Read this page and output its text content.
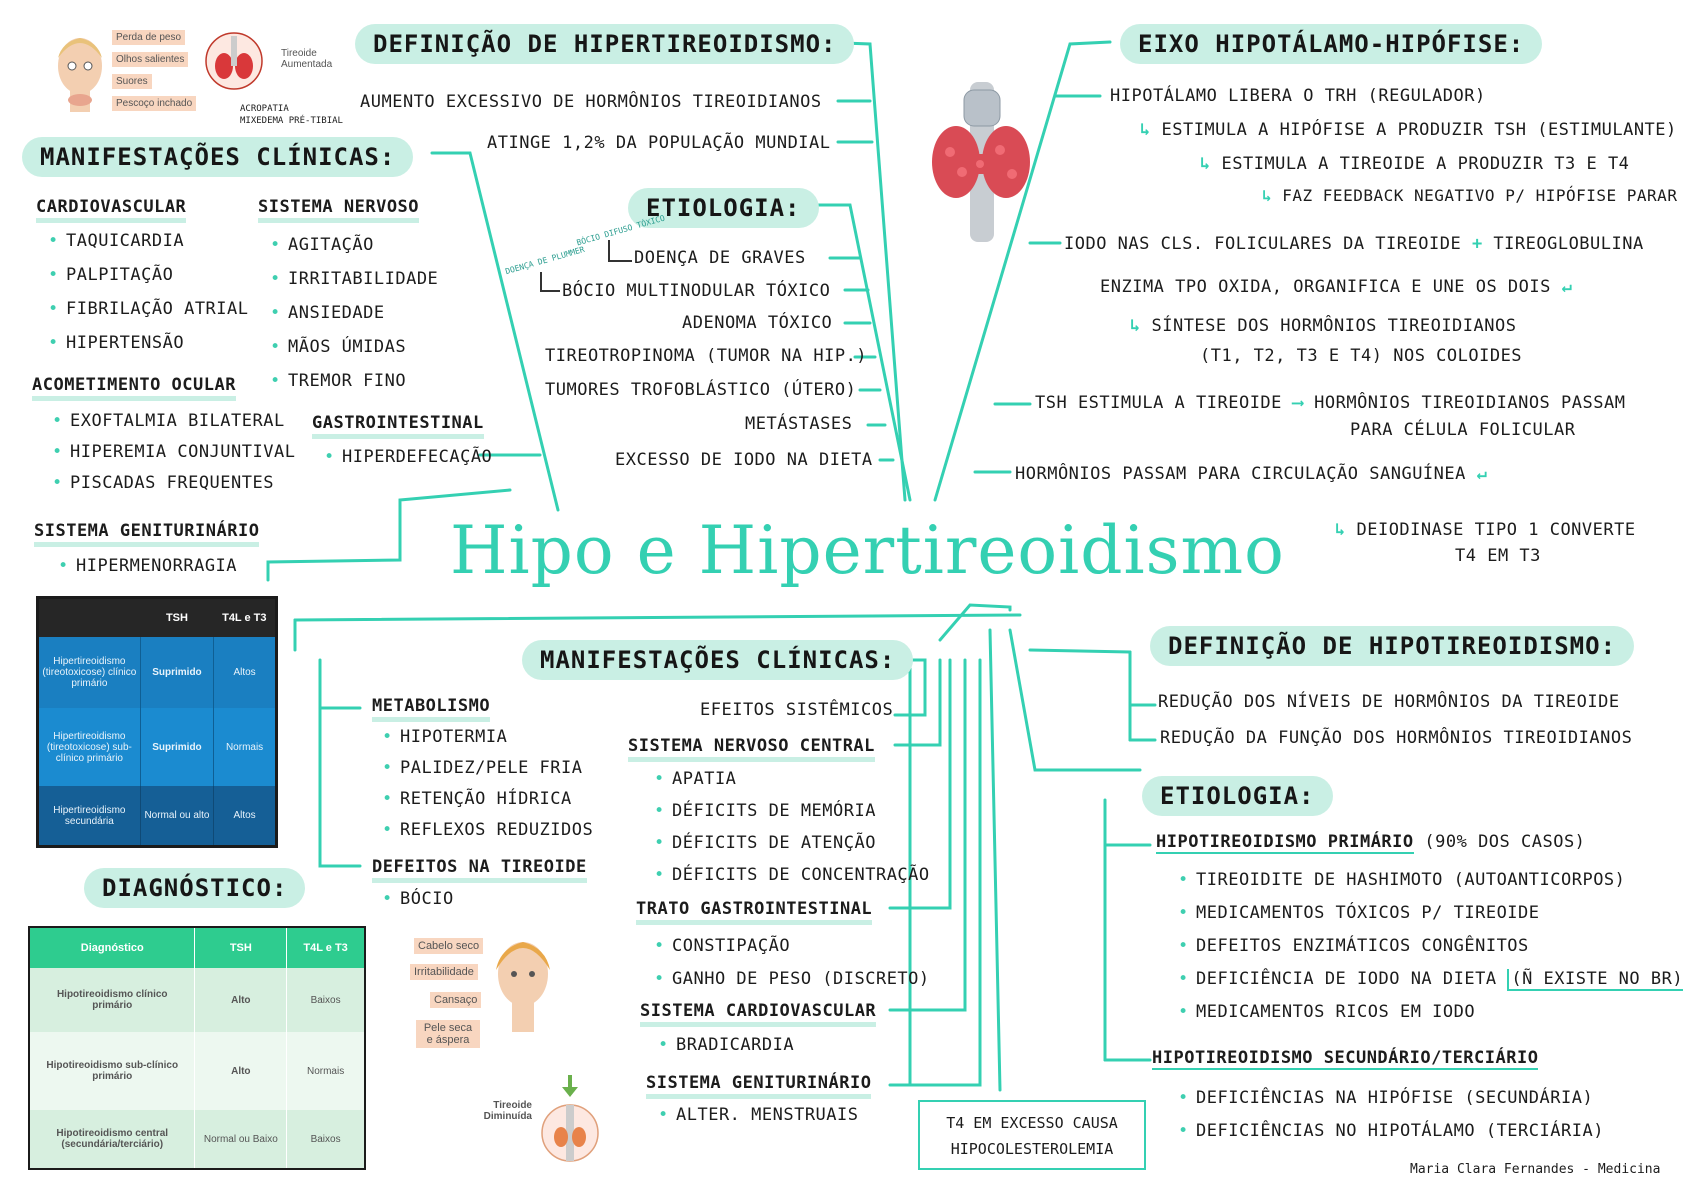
Hipo e Hipertireoidismo
Perda de peso
Olhos salientes
Suores
Pescoço inchado
Tireoide Aumentada
ACROPATIA
MIXEDEMA PRÉ-TIBIAL
DEFINIÇÃO DE HIPERTIREOIDISMO:
AUMENTO EXCESSIVO DE HORMÔNIOS TIREOIDIANOS
ATINGE 1,2% DA POPULAÇÃO MUNDIAL
MANIFESTAÇÕES CLÍNICAS:
CARDIOVASCULAR
• TAQUICARDIA
• PALPITAÇÃO
• FIBRILAÇÃO ATRIAL
• HIPERTENSÃO
SISTEMA NERVOSO
• AGITAÇÃO
• IRRITABILIDADE
• ANSIEDADE
• MÃOS ÚMIDAS
• TREMOR FINO
ACOMETIMENTO OCULAR
• EXOFTALMIA BILATERAL
• HIPEREMIA CONJUNTIVAL
• PISCADAS FREQUENTES
GASTROINTESTINAL
• HIPERDEFECAÇÃO
SISTEMA GENITURINÁRIO
• HIPERMENORRAGIA
ETIOLOGIA:
BÓCIO DIFUSO TÓXICO
DOENÇA DE PLUMMER	DOENÇA DE GRAVES
BÓCIO MULTINODULAR TÓXICO
ADENOMA TÓXICO
TIREOTROPINOMA (TUMOR NA HIP.)
TUMORES TROFOBLÁSTICO (ÚTERO)
METÁSTASES
EXCESSO DE IODO NA DIETA
EIXO HIPOTÁLAMO-HIPÓFISE:
HIPOTÁLAMO LIBERA O TRH (REGULADOR)
↳ ESTIMULA A HIPÓFISE A PRODUZIR TSH (ESTIMULANTE)
↳ ESTIMULA A TIREOIDE A PRODUZIR T3 E T4
↳ FAZ FEEDBACK NEGATIVO P/ HIPÓFISE PARAR
IODO NAS CLS. FOLICULARES DA TIREOIDE + TIREOGLOBULINA
ENZIMA TPO OXIDA, ORGANIFICA E UNE OS DOIS ↵
↳ SÍNTESE DOS HORMÔNIOS TIREOIDIANOS
(T1, T2, T3 E T4) NOS COLOIDES
TSH ESTIMULA A TIREOIDE ⟶ HORMÔNIOS TIREOIDIANOS PASSAM
PARA CÉLULA FOLICULAR
HORMÔNIOS PASSAM PARA CIRCULAÇÃO SANGUÍNEA ↵
↳ DEIODINASE TIPO 1 CONVERTE
T4 EM T3
	TSH	T4L e T3
Hipertireoidismo (tireotoxicose) clínico primário	Suprimido	Altos
Hipertireoidismo (tireotoxicose) sub-clínico primário	Suprimido	Normais
Hipertireoidismo secundária	Normal ou alto	Altos
DIAGNÓSTICO:
Diagnóstico	TSH	T4L e T3
Hipotireoidismo clínico primário	Alto	Baixos
Hipotireoidismo sub-clínico primário	Alto	Normais
Hipotireoidismo central (secundária/terciário)	Normal ou Baixo	Baixos
Cabelo seco
Irritabilidade
Cansaço
Pele seca e áspera
Tireoide Diminuída
MANIFESTAÇÕES CLÍNICAS:
EFEITOS SISTÊMICOS
METABOLISMO
• HIPOTERMIA
• PALIDEZ/PELE FRIA
• RETENÇÃO HÍDRICA
• REFLEXOS REDUZIDOS
DEFEITOS NA TIREOIDE
• BÓCIO
SISTEMA NERVOSO CENTRAL
• APATIA
• DÉFICITS DE MEMÓRIA
• DÉFICITS DE ATENÇÃO
• DÉFICITS DE CONCENTRAÇÃO
TRATO GASTROINTESTINAL
• CONSTIPAÇÃO
• GANHO DE PESO (DISCRETO)
SISTEMA CARDIOVASCULAR
• BRADICARDIA
SISTEMA GENITURINÁRIO
• ALTER. MENSTRUAIS	T4 EM EXCESSO CAUSA HIPOCOLESTEROLEMIA
DEFINIÇÃO DE HIPOTIREOIDISMO:
REDUÇÃO DOS NÍVEIS DE HORMÔNIOS DA TIREOIDE
REDUÇÃO DA FUNÇÃO DOS HORMÔNIOS TIREOIDIANOS
ETIOLOGIA:
HIPOTIREOIDISMO PRIMÁRIO (90% DOS CASOS)
• TIREOIDITE DE HASHIMOTO (AUTOANTICORPOS)
• MEDICAMENTOS TÓXICOS P/ TIREOIDE
• DEFEITOS ENZIMÁTICOS CONGÊNITOS
• DEFICIÊNCIA DE IODO NA DIETA (Ñ EXISTE NO BR)
• MEDICAMENTOS RICOS EM IODO
HIPOTIREOIDISMO SECUNDÁRIO/TERCIÁRIO
• DEFICIÊNCIAS NA HIPÓFISE (SECUNDÁRIA)
• DEFICIÊNCIAS NO HIPOTÁLAMO (TERCIÁRIA)
Maria Clara Fernandes - Medicina
